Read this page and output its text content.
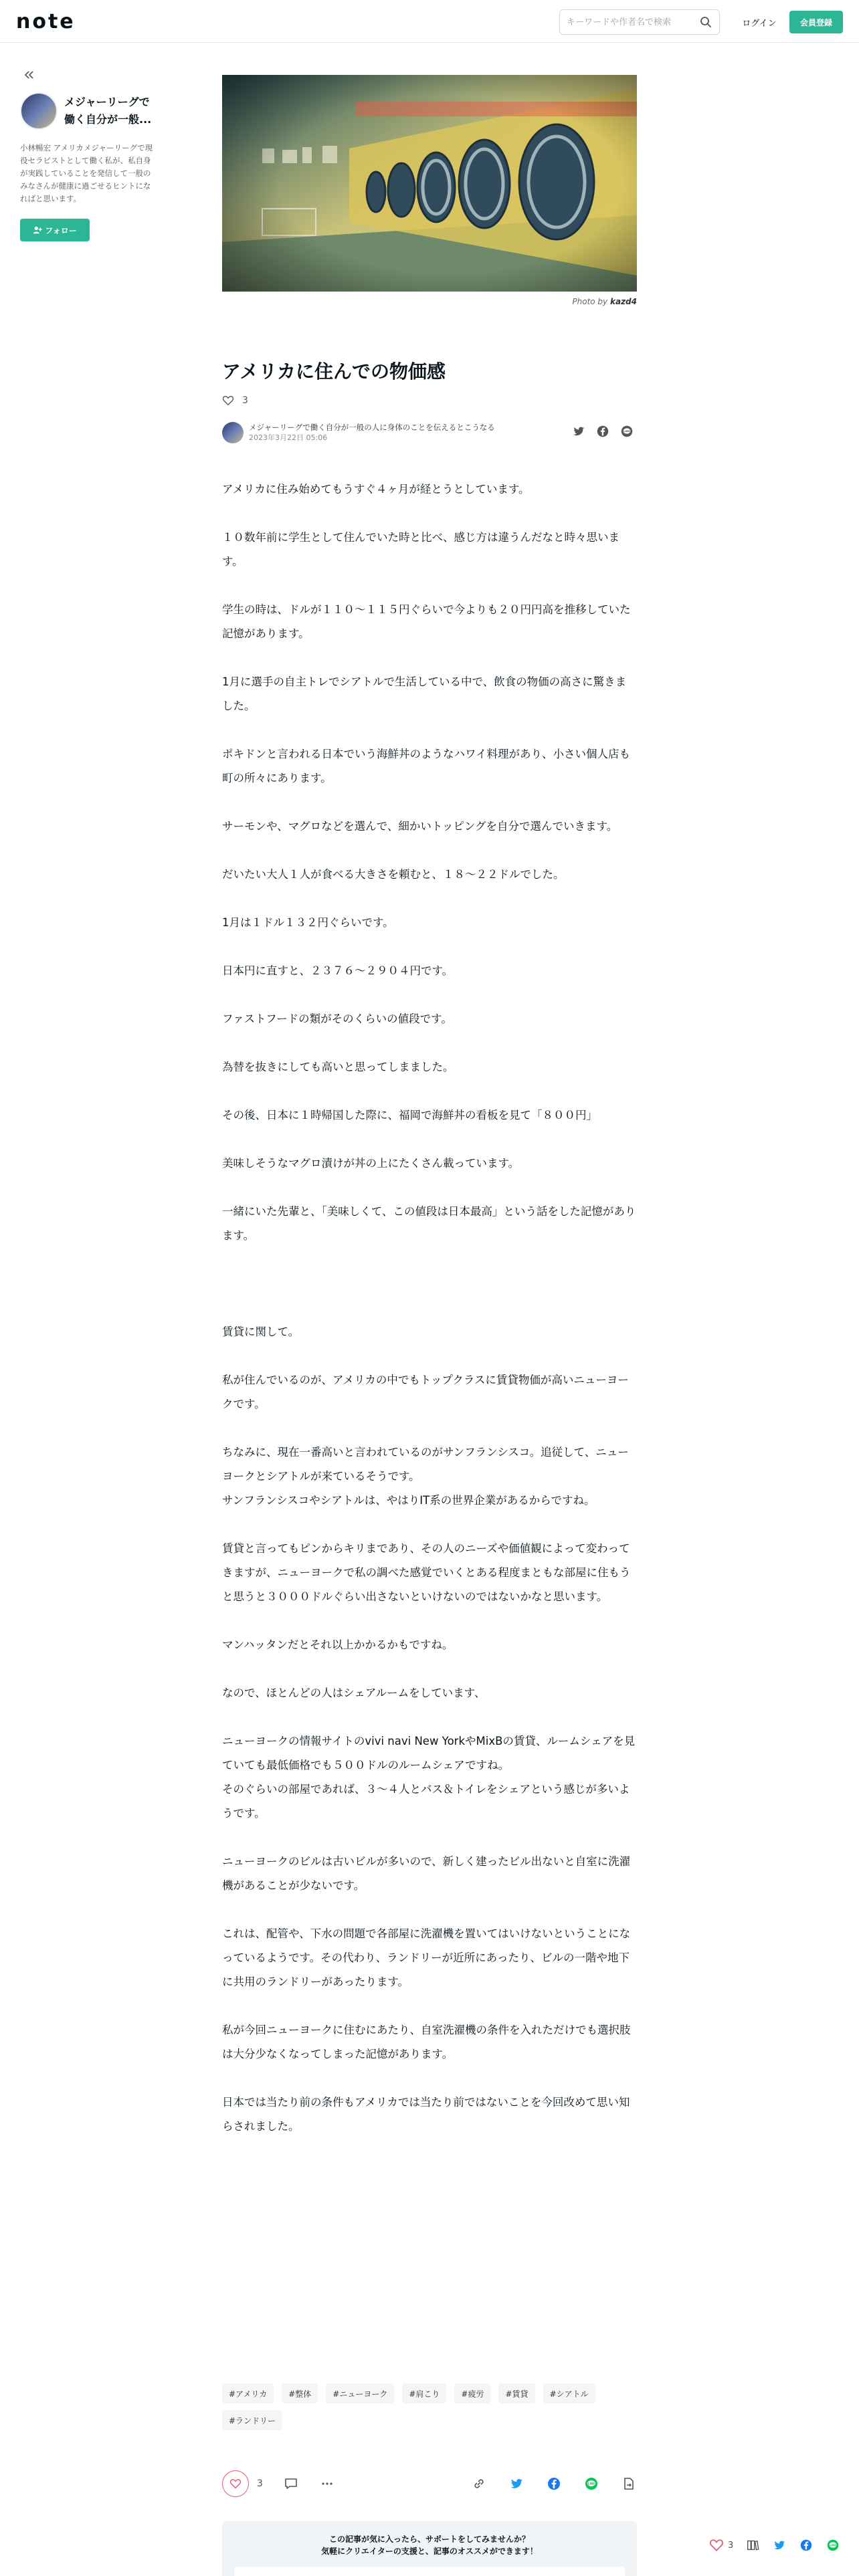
note
キーワードや作者名で検索	ログイン	会員登録
メジャーリーグで働く自分が一般...
小林暢宏 アメリカメジャーリーグで現役セラピストとして働く私が、私自身が実践していることを発信して一般のみなさんが健康に過ごせるヒントになればと思います。
フォロー
Photo by kazd4
アメリカに住んでの物価感
3
メジャーリーグで働く自分が一般の人に身体のことを伝えるとこうなる
2023年3月22日 05:06
LINE

アメリカに住み始めてもうすぐ４ヶ月が経とうとしています。

１０数年前に学生として住んでいた時と比べ、感じ方は違うんだなと時々思います。

学生の時は、ドルが１１０〜１１５円ぐらいで今よりも２０円円高を推移していた記憶があります。

1月に選手の自主トレでシアトルで生活している中で、飲食の物価の高さに驚きました。

ポキドンと言われる日本でいう海鮮丼のようなハワイ料理があり、小さい個人店も町の所々にあります。

サーモンや、マグロなどを選んで、細かいトッピングを自分で選んでいきます。

だいたい大人１人が食べる大きさを頼むと、１８〜２２ドルでした。

1月は１ドル１３２円ぐらいです。

日本円に直すと、２３７６〜２９０４円です。

ファストフードの類がそのくらいの値段です。

為替を抜きにしても高いと思ってしまました。

その後、日本に１時帰国した際に、福岡で海鮮丼の看板を見て「８００円」

美味しそうなマグロ漬けが丼の上にたくさん載っています。

一緒にいた先輩と、「美味しくて、この値段は日本最高」という話をした記憶があります。

賃貸に関して。

私が住んでいるのが、アメリカの中でもトップクラスに賃貸物価が高いニューヨークです。

ちなみに、現在一番高いと言われているのがサンフランシスコ。追従して、ニューヨークとシアトルが来ているそうです。
サンフランシスコやシアトルは、やはりIT系の世界企業があるからですね。

賃貸と言ってもピンからキリまであり、その人のニーズや価値観によって変わってきますが、ニューヨークで私の調べた感覚でいくとある程度まともな部屋に住もうと思うと３０００ドルぐらい出さないといけないのではないかなと思います。

マンハッタンだとそれ以上かかるかもですね。

なので、ほとんどの人はシェアルームをしています、

ニューヨークの情報サイトのvivi navi New YorkやMixBの賃貸、ルームシェアを見ていても最低価格でも５００ドルのルームシェアですね。
そのぐらいの部屋であれば、３〜４人とバス＆トイレをシェアという感じが多いようです。

ニューヨークのビルは古いビルが多いので、新しく建ったビル出ないと自室に洗濯機があることが少ないです。

これは、配管や、下水の問題で各部屋に洗濯機を置いてはいけないということになっているようです。その代わり、ランドリーが近所にあったり、ビルの一階や地下に共用のランドリーがあったります。

私が今回ニューヨークに住むにあたり、自室洗濯機の条件を入れただけでも選択肢は大分少なくなってしまった記憶があります。

日本では当たり前の条件もアメリカでは当たり前ではないことを今回改めて思い知らされました。

#アメリカ	#整体	#ニューヨーク	#肩こり	#疲労	#賃貸	#シアトル
#ランドリー
3	LINE
この記事が気に入ったら、サポートをしてみませんか？
気軽にクリエイターの支援と、記事のオススメができます！
3	LINE
